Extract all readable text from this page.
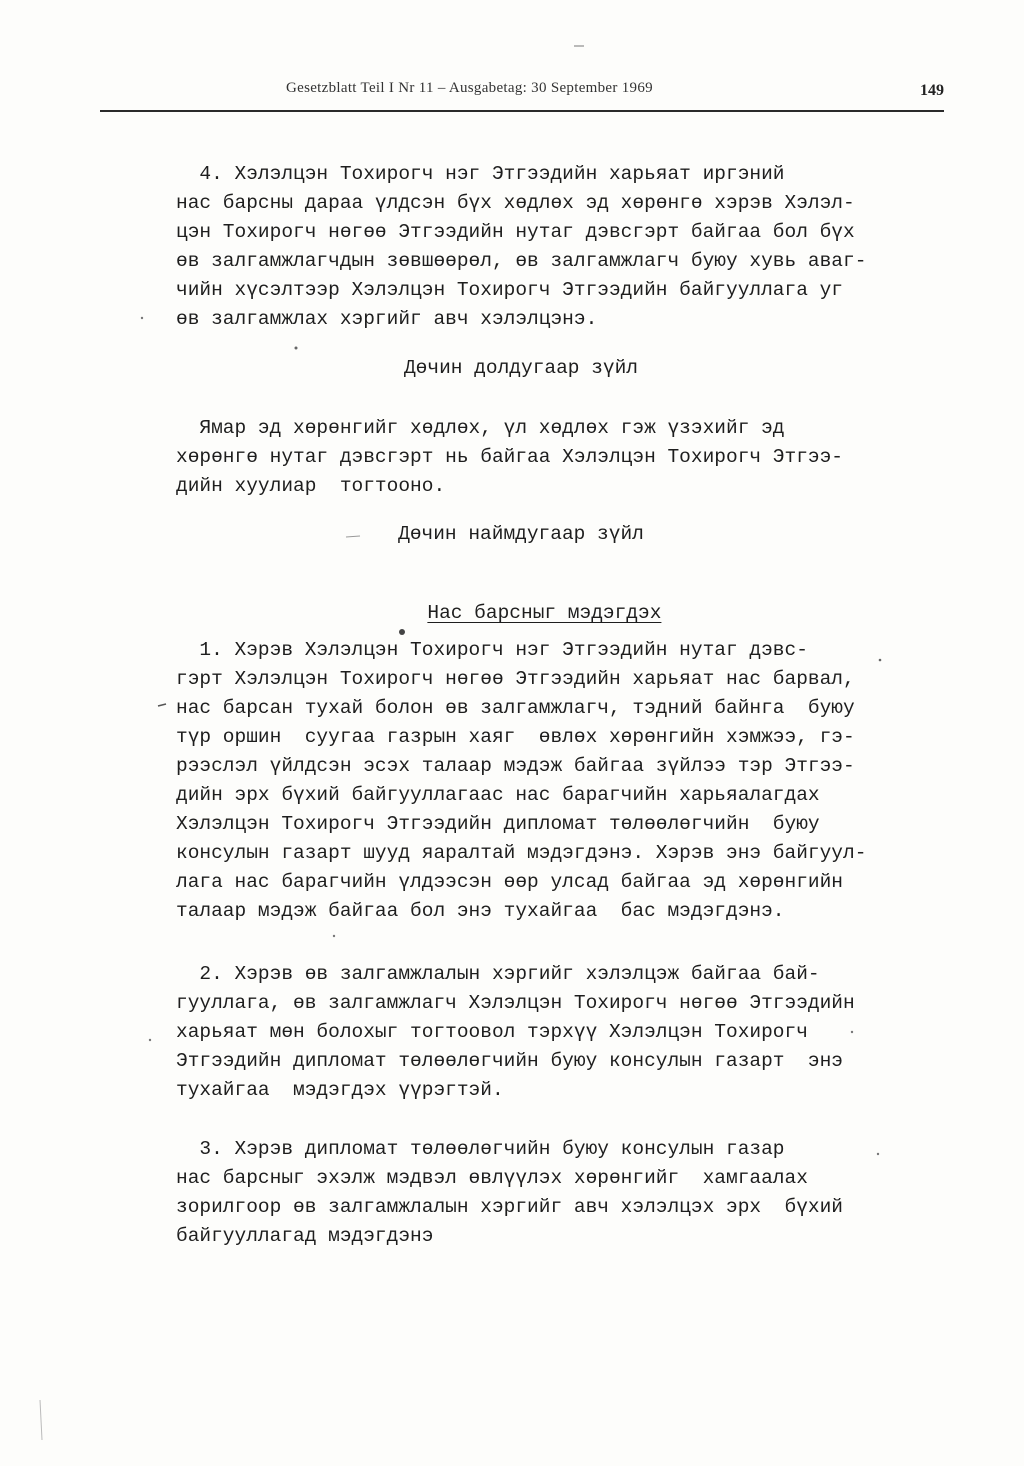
Gesetzblatt Teil I Nr 11 – Ausgabetag: 30 September 1969	149
4. Хэлэлцэн Тохирогч нэг Этгээдийн харьяат иргэний
нас барсны дараа үлдсэн бүх хөдлөх эд хөрөнгө хэрэв Хэлэл-
цэн Тохирогч нөгөө Этгээдийн нутаг дэвсгэрт байгаа бол бүх
өв залгамжлагчдын зөвшөөрөл, өв залгамжлагч буюу хувь аваг-
чийн хүсэлтээр Хэлэлцэн Тохирогч Этгээдийн байгууллага уг
өв залгамжлах хэргийг авч хэлэлцэнэ.
Дөчин долдугаар зүйл
Ямар эд хөрөнгийг хөдлөх, үл хөдлөх гэж үзэхийг эд
хөрөнгө нутаг дэвсгэрт нь байгаа Хэлэлцэн Тохирогч Этгээ-
дийн хуулиар  тогтооно.
Дөчин наймдугаар зүйл

Нас барсныг мэдэгдэх

1. Хэрэв Хэлэлцэн Тохирогч нэг Этгээдийн нутаг дэвс-
гэрт Хэлэлцэн Тохирогч нөгөө Этгээдийн харьяат нас барвал,
нас барсан тухай болон өв залгамжлагч, тэдний байнга  буюу
түр оршин  суугаа газрын хаяг  өвлөх хөрөнгийн хэмжээ, гэ-
рээслэл үйлдсэн эсэх талаар мэдэж байгаа зүйлээ тэр Этгээ-
дийн эрх бүхий байгууллагаас нас барагчийн харьяалагдах
Хэлэлцэн Тохирогч Этгээдийн дипломат төлөөлөгчийн  буюу
консулын газарт шууд яаралтай мэдэгдэнэ. Хэрэв энэ байгуул-
лага нас барагчийн үлдээсэн өөр улсад байгаа эд хөрөнгийн
талаар мэдэж байгаа бол энэ тухайгаа  бас мэдэгдэнэ.
2. Хэрэв өв залгамжлалын хэргийг хэлэлцэж байгаа бай-
гууллага, өв залгамжлагч Хэлэлцэн Тохирогч нөгөө Этгээдийн
харьяат мөн болохыг тогтоовол тэрхүү Хэлэлцэн Тохирогч
Этгээдийн дипломат төлөөлөгчийн буюу консулын газарт  энэ
тухайгаа  мэдэгдэх үүрэгтэй.
3. Хэрэв дипломат төлөөлөгчийн буюу консулын газар
нас барсныг эхэлж мэдвэл өвлүүлэх хөрөнгийг  хамгаалах
зорилгоор өв залгамжлалын хэргийг авч хэлэлцэх эрх  бүхий
байгууллагад мэдэгдэнэ
